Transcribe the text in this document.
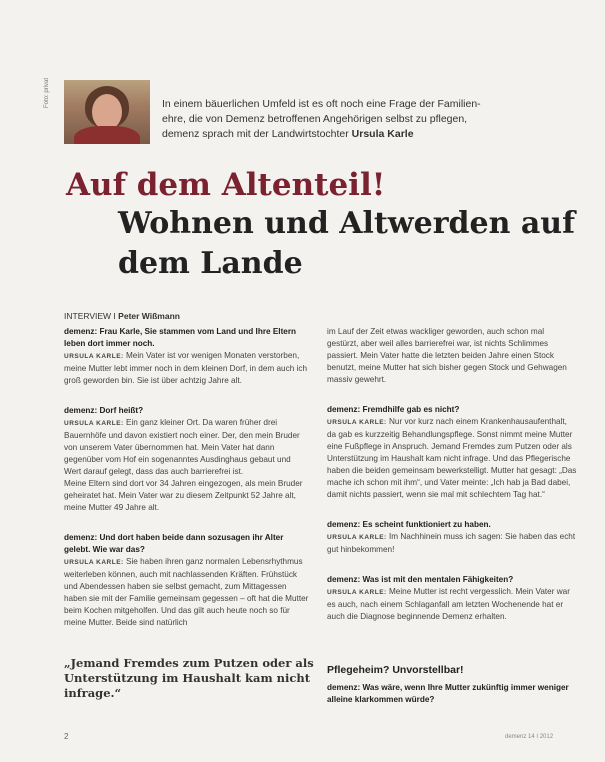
Foto: privat	In einem bäuerlichen Umfeld ist es oft noch eine Frage der Familien-
ehre, die von Demenz betroffenen Angehörigen selbst zu pflegen,
demenz sprach mit der Landwirtstochter Ursula Karle
Auf dem Altenteil!
Wohnen und Altwerden auf
dem Lande
INTERVIEW I Peter Wißmann

demenz: Frau Karle, Sie stammen vom Land und Ihre Eltern leben dort immer noch.

URSULA KARLE: Mein Vater ist vor wenigen Monaten verstorben, meine Mutter lebt immer noch in dem kleinen Dorf, in dem auch ich groß geworden bin. Sie ist über achtzig Jahre alt.

demenz: Dorf heißt?

URSULA KARLE: Ein ganz kleiner Ort. Da waren früher drei Bauernhöfe und davon existiert noch einer. Der, den mein Bruder von unserem Vater übernommen hat. Mein Vater hat dann gegenüber vom Hof ein sogenanntes Ausdinghaus gebaut und Wert darauf gelegt, dass das auch barrierefrei ist.

Meine Eltern sind dort vor 34 Jahren eingezogen, als mein Bruder geheiratet hat. Mein Vater war zu diesem Zeitpunkt 52 Jahre alt, meine Mutter 49 Jahre alt.

demenz: Und dort haben beide dann sozusagen ihr Alter gelebt. Wie war das?

URSULA KARLE: Sie haben ihren ganz normalen Lebensrhythmus weiterleben können, auch mit nachlassenden Kräften. Frühstück und Abendessen haben sie selbst gemacht, zum Mittagessen haben sie mit der Familie gemeinsam gegessen – oft hat die Mutter beim Kochen mitgeholfen. Und das gilt auch heute noch so für meine Mutter. Beide sind natürlich

im Lauf der Zeit etwas wackliger geworden, auch schon mal gestürzt, aber weil alles barrierefrei war, ist nichts Schlimmes passiert. Mein Vater hatte die letzten beiden Jahre einen Stock benutzt, meine Mutter hat sich bisher gegen Stock und Gehwagen massiv gewehrt.

demenz: Fremdhilfe gab es nicht?

URSULA KARLE: Nur vor kurz nach einem Krankenhausaufenthalt, da gab es kurzzeitig Behandlungspflege. Sonst nimmt meine Mutter eine Fußpflege in Anspruch. Jemand Fremdes zum Putzen oder als Unterstützung im Haushalt kam nicht infrage. Und das Pflegerische haben die beiden gemeinsam bewerkstelligt. Mutter hat gesagt: „Das mache ich schon mit ihm“, und Vater meinte: „Ich hab ja Bad dabei, damit nichts passiert, wenn sie mal mit schlechtem Tag hat.“

demenz: Es scheint funktioniert zu haben.

URSULA KARLE: Im Nachhinein muss ich sagen: Sie haben das echt gut hinbekommen!

demenz: Was ist mit den mentalen Fähigkeiten?

URSULA KARLE: Meine Mutter ist recht vergesslich. Mein Vater war es auch, nach einem Schlaganfall am letzten Wochenende hat er auch die Diagnose beginnende Demenz erhalten.

„Jemand Fremdes zum Putzen oder als Unterstützung im Haushalt kam nicht infrage.“
Pflegeheim? Unvorstellbar!
demenz: Was wäre, wenn Ihre Mutter zukünftig immer weniger alleine klarkommen würde?
2	demenz 14 I 2012
